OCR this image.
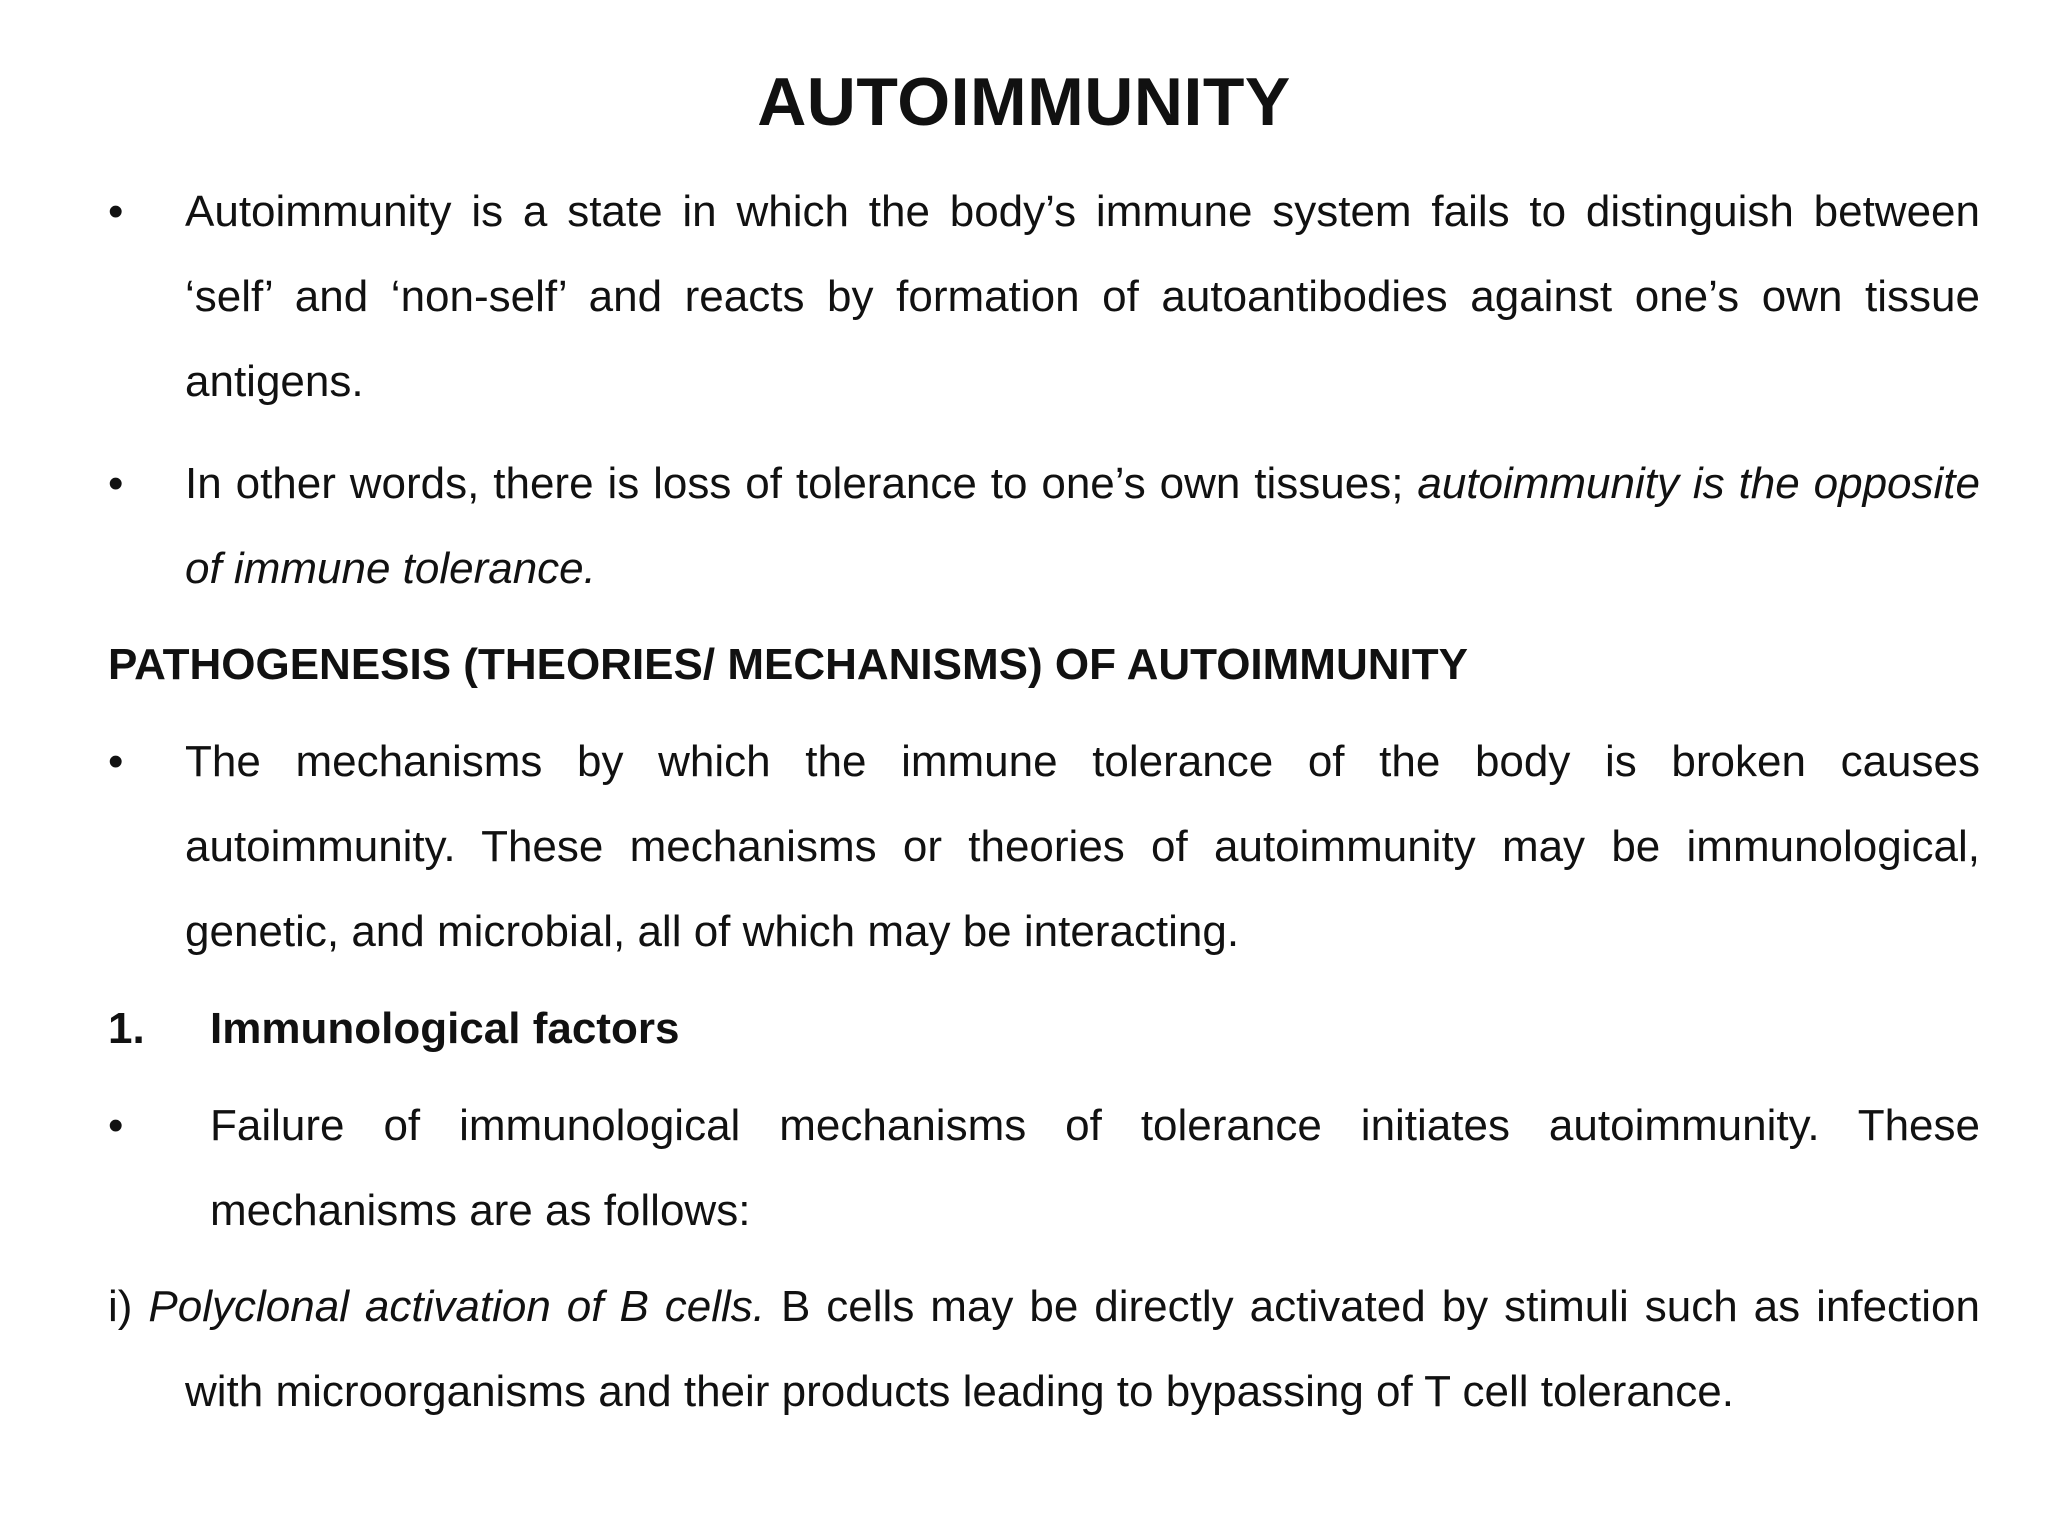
AUTOIMMUNITY
• Autoimmunity is a state in which the body’s immune system fails to distinguish between ‘self’ and ‘non-self’ and reacts by formation of autoantibodies against one’s own tissue antigens.
• In other words, there is loss of tolerance to one’s own tissues; autoimmunity is the opposite of immune tolerance.
PATHOGENESIS (THEORIES/ MECHANISMS) OF AUTOIMMUNITY
• The mechanisms by which the immune tolerance of the body is broken causes autoimmunity. These mechanisms or theories of autoimmunity may be immunological, genetic, and microbial, all of which may be interacting.
1. Immunological factors
• Failure of immunological mechanisms of tolerance initiates autoimmunity. These mechanisms are as follows:
i) Polyclonal activation of B cells. B cells may be directly activated by stimuli such as infection with microorganisms and their products leading to bypassing of T cell tolerance.
